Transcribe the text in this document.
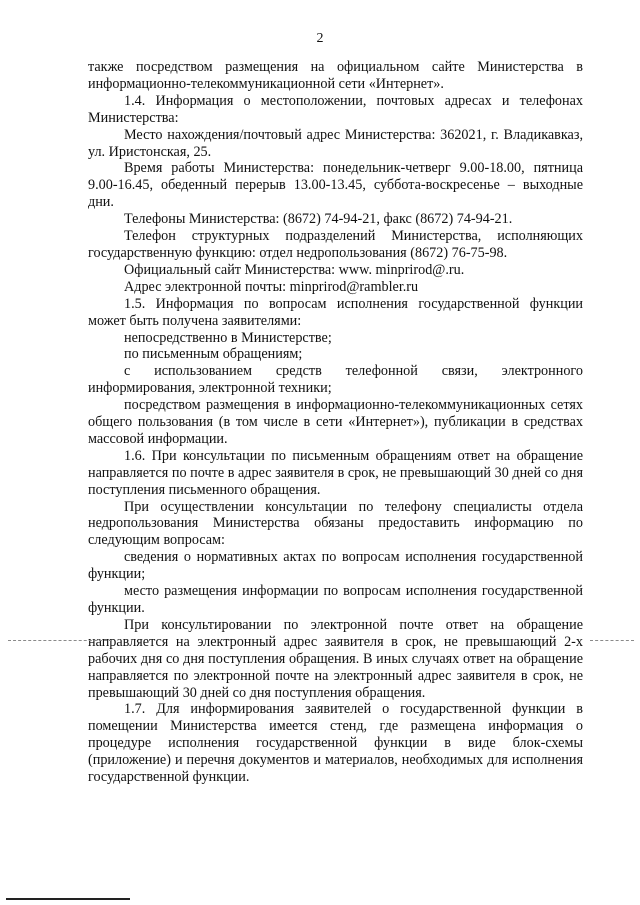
2

также посредством размещения на официальном сайте Министерства в информационно-телекоммуникационной сети «Интернет».

1.4. Информация о местоположении, почтовых адресах и телефонах Министерства:

Место нахождения/почтовый адрес Министерства: 362021, г. Владикавказ, ул. Иристонская, 25.

Время работы Министерства: понедельник-четверг 9.00-18.00, пятница 9.00-16.45, обеденный перерыв 13.00-13.45, суббота-воскресенье – выходные дни.

Телефоны Министерства: (8672) 74-94-21, факс (8672) 74-94-21.

Телефон структурных подразделений Министерства, исполняющих государственную функцию: отдел недропользования (8672) 76-75-98.

Официальный сайт Министерства: www. minprirod@.ru.

Адрес электронной почты: minprirod@rambler.ru

1.5. Информация по вопросам исполнения государственной функции может быть получена заявителями:

непосредственно в Министерстве;

по письменным обращениям;

с использованием средств телефонной связи, электронного информирования, электронной техники;

посредством размещения в информационно-телекоммуникационных сетях общего пользования (в том числе в сети «Интернет»), публикации в средствах массовой информации.

1.6. При консультации по письменным обращениям ответ на обращение направляется по почте в адрес заявителя в срок, не превышающий 30 дней со дня поступления письменного обращения.

При осуществлении консультации по телефону специалисты отдела недропользования Министерства обязаны предоставить информацию по следующим вопросам:

сведения о нормативных актах по вопросам исполнения государственной функции;

место размещения информации по вопросам исполнения государственной функции.

При консультировании по электронной почте ответ на обращение направляется на электронный адрес заявителя в срок, не превышающий 2-х рабочих дня со дня поступления обращения. В иных случаях ответ на обращение направляется по электронной почте на электронный адрес заявителя в срок, не превышающий 30 дней со дня поступления обращения.

1.7. Для информирования заявителей о государственной функции в помещении Министерства имеется стенд, где размещена информация о процедуре исполнения государственной функции в виде блок-схемы (приложение) и перечня документов и материалов, необходимых для исполнения государственной функции.
